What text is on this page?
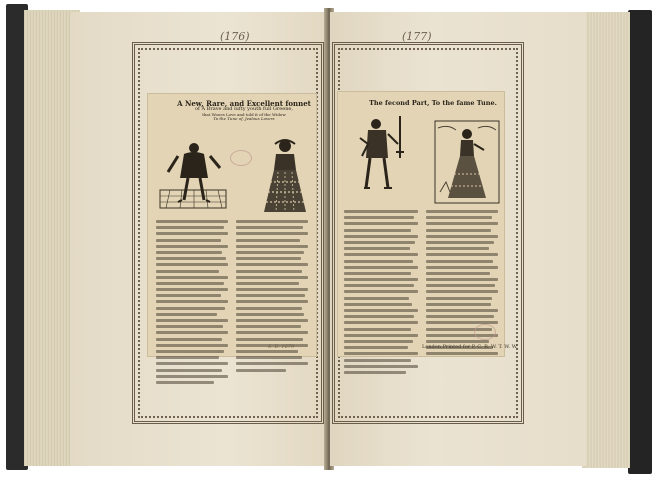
(176)
A New, Rare, and Excellent fonnet
of A Brave and lufty youth full Greene,
that Wooes Love and told it of the Widow
To the Tune of, Jealous Lovers
S. D. 1679
(177)
The fecond Part, To the fame Tune.
London Printed for P. C. R. W. T. W. W.
